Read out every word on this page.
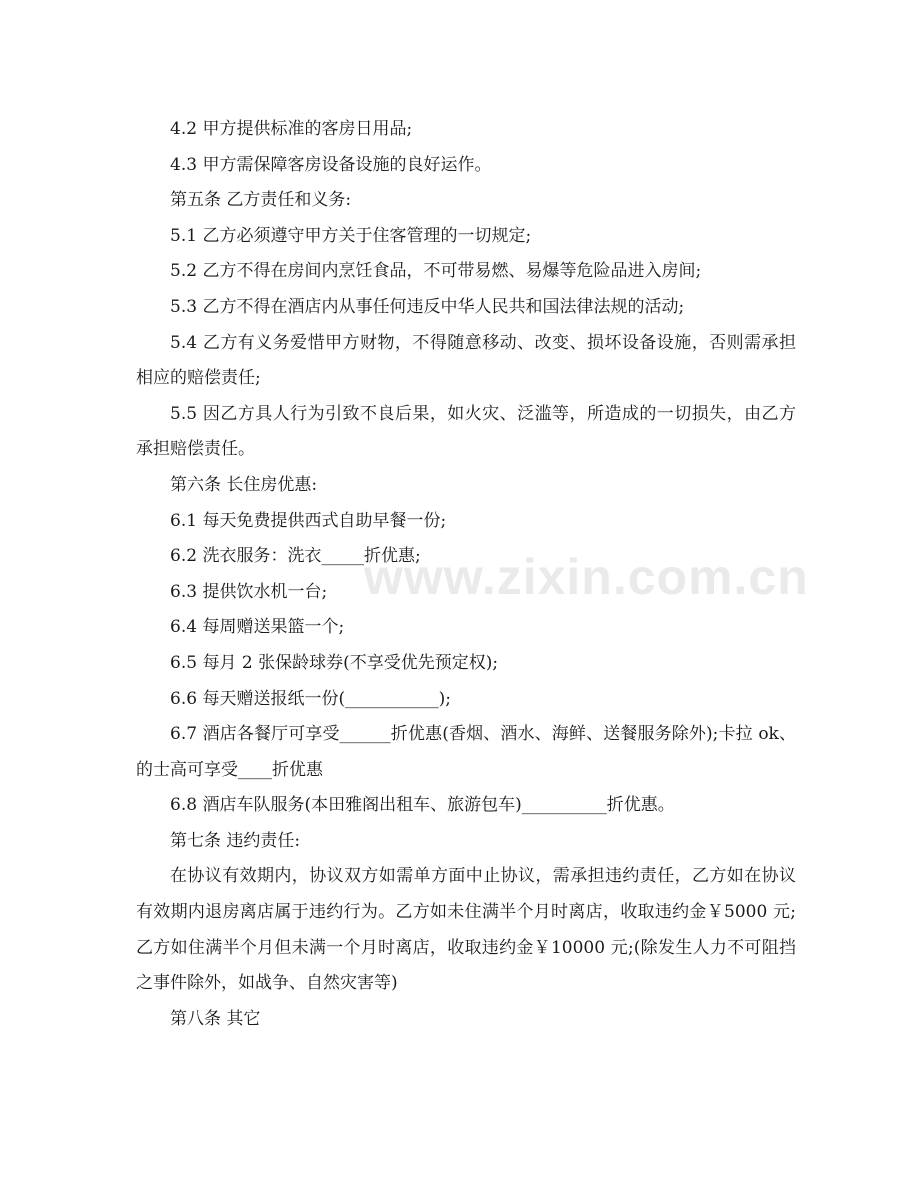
www.zixin.com.cn

4.2 甲方提供标准的客房日用品;

4.3 甲方需保障客房设备设施的良好运作。

第五条 乙方责任和义务:

5.1 乙方必须遵守甲方关于住客管理的一切规定;

5.2 乙方不得在房间内烹饪食品，不可带易燃、易爆等危险品进入房间;

5.3 乙方不得在酒店内从事任何违反中华人民共和国法律法规的活动;

5.4 乙方有义务爱惜甲方财物，不得随意移动、改变、损坏设备设施，否则需承担相应的赔偿责任;

5.5 因乙方具人行为引致不良后果，如火灾、泛滥等，所造成的一切损失，由乙方承担赔偿责任。

第六条 长住房优惠:

6.1 每天免费提供西式自助早餐一份;

6.2 洗衣服务：洗衣_____折优惠;

6.3 提供饮水机一台;

6.4 每周赠送果篮一个;

6.5 每月 2 张保龄球券(不享受优先预定权);

6.6 每天赠送报纸一份(___________);

6.7 酒店各餐厅可享受______折优惠(香烟、酒水、海鲜、送餐服务除外);卡拉 ok、的士高可享受____折优惠

6.8 酒店车队服务(本田雅阁出租车、旅游包车)__________折优惠。

第七条 违约责任:

在协议有效期内，协议双方如需单方面中止协议，需承担违约责任，乙方如在协议有效期内退房离店属于违约行为。乙方如未住满半个月时离店，收取违约金￥5000 元;乙方如住满半个月但未满一个月时离店，收取违约金￥10000 元;(除发生人力不可阻挡之事件除外，如战争、自然灾害等)

第八条 其它
